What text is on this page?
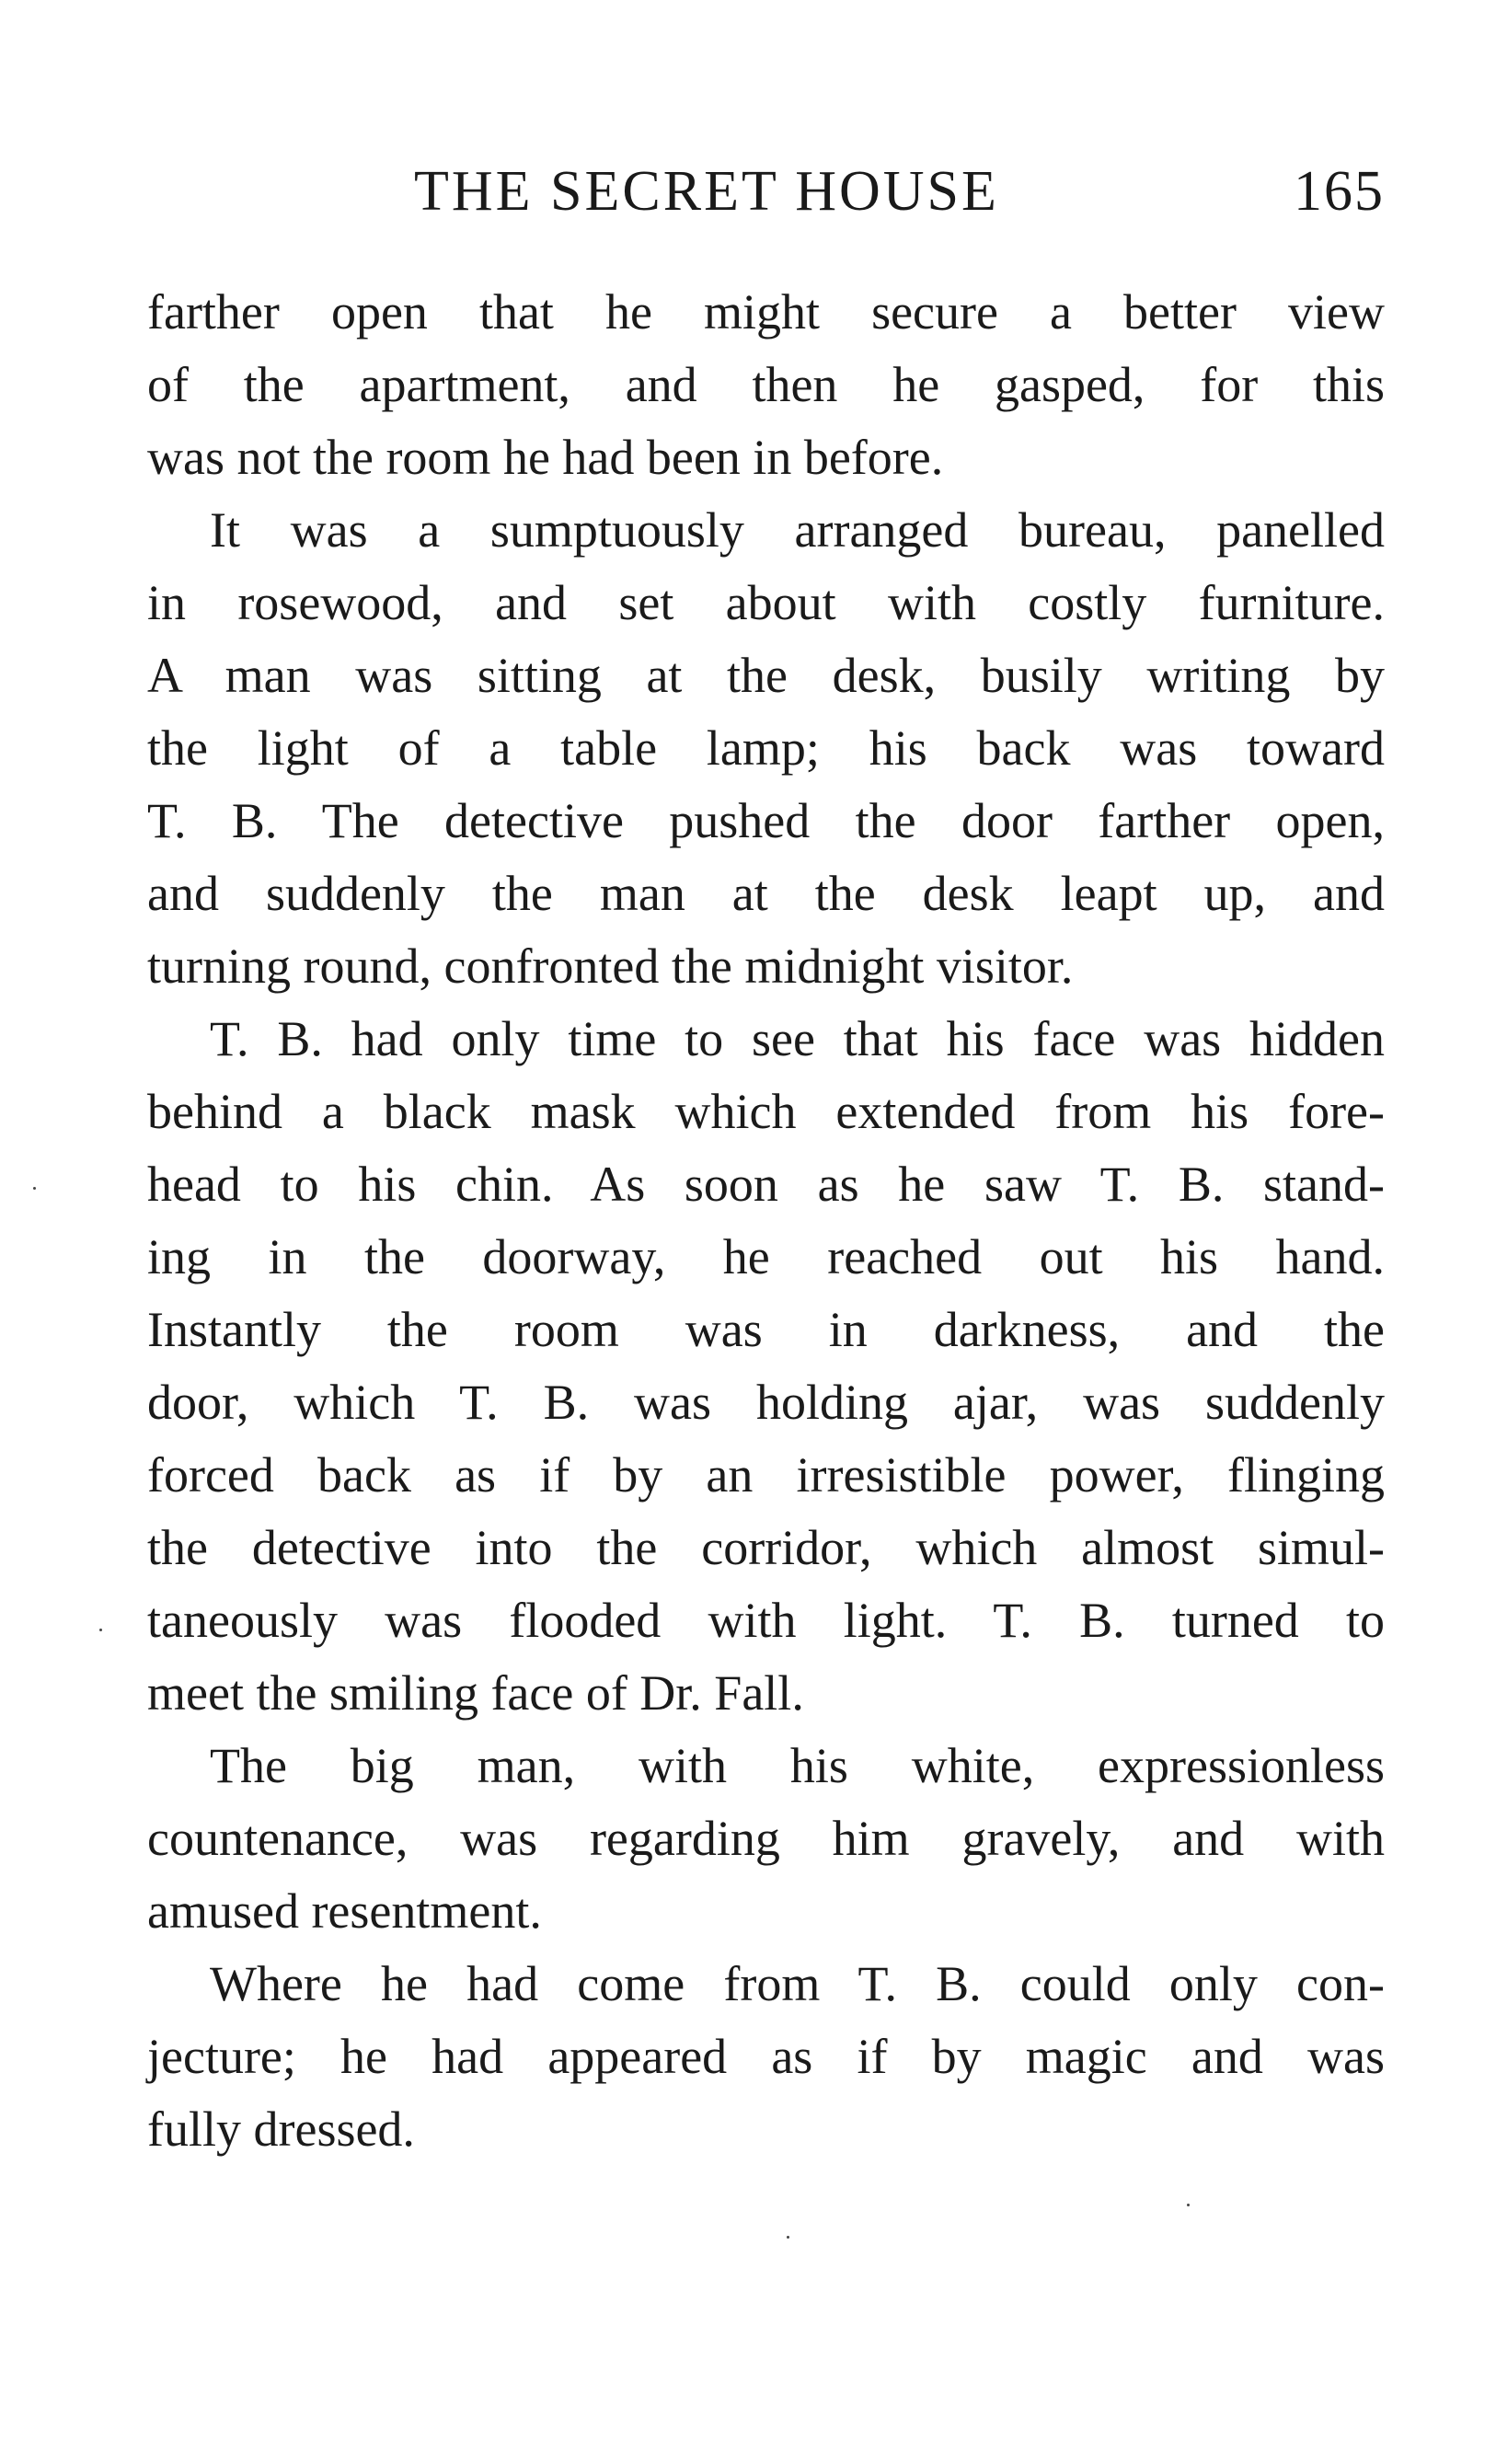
THE SECRET HOUSE	165

farther open that he might secure a better view
of the apartment, and then he gasped, for this
was not the room he had been in before.

It was a sumptuously arranged bureau, panelled
in rosewood, and set about with costly furniture.
A man was sitting at the desk, busily writing by
the light of a table lamp; his back was toward
T. B. The detective pushed the door farther open,
and suddenly the man at the desk leapt up, and
turning round, confronted the midnight visitor.

T. B. had only time to see that his face was hidden
behind a black mask which extended from his fore-
head to his chin. As soon as he saw T. B. stand-
ing in the doorway, he reached out his hand.
Instantly the room was in darkness, and the
door, which T. B. was holding ajar, was suddenly
forced back as if by an irresistible power, flinging
the detective into the corridor, which almost simul-
taneously was flooded with light. T. B. turned to
meet the smiling face of Dr. Fall.

The big man, with his white, expressionless
countenance, was regarding him gravely, and with
amused resentment.

Where he had come from T. B. could only con-
jecture; he had appeared as if by magic and was
fully dressed.
